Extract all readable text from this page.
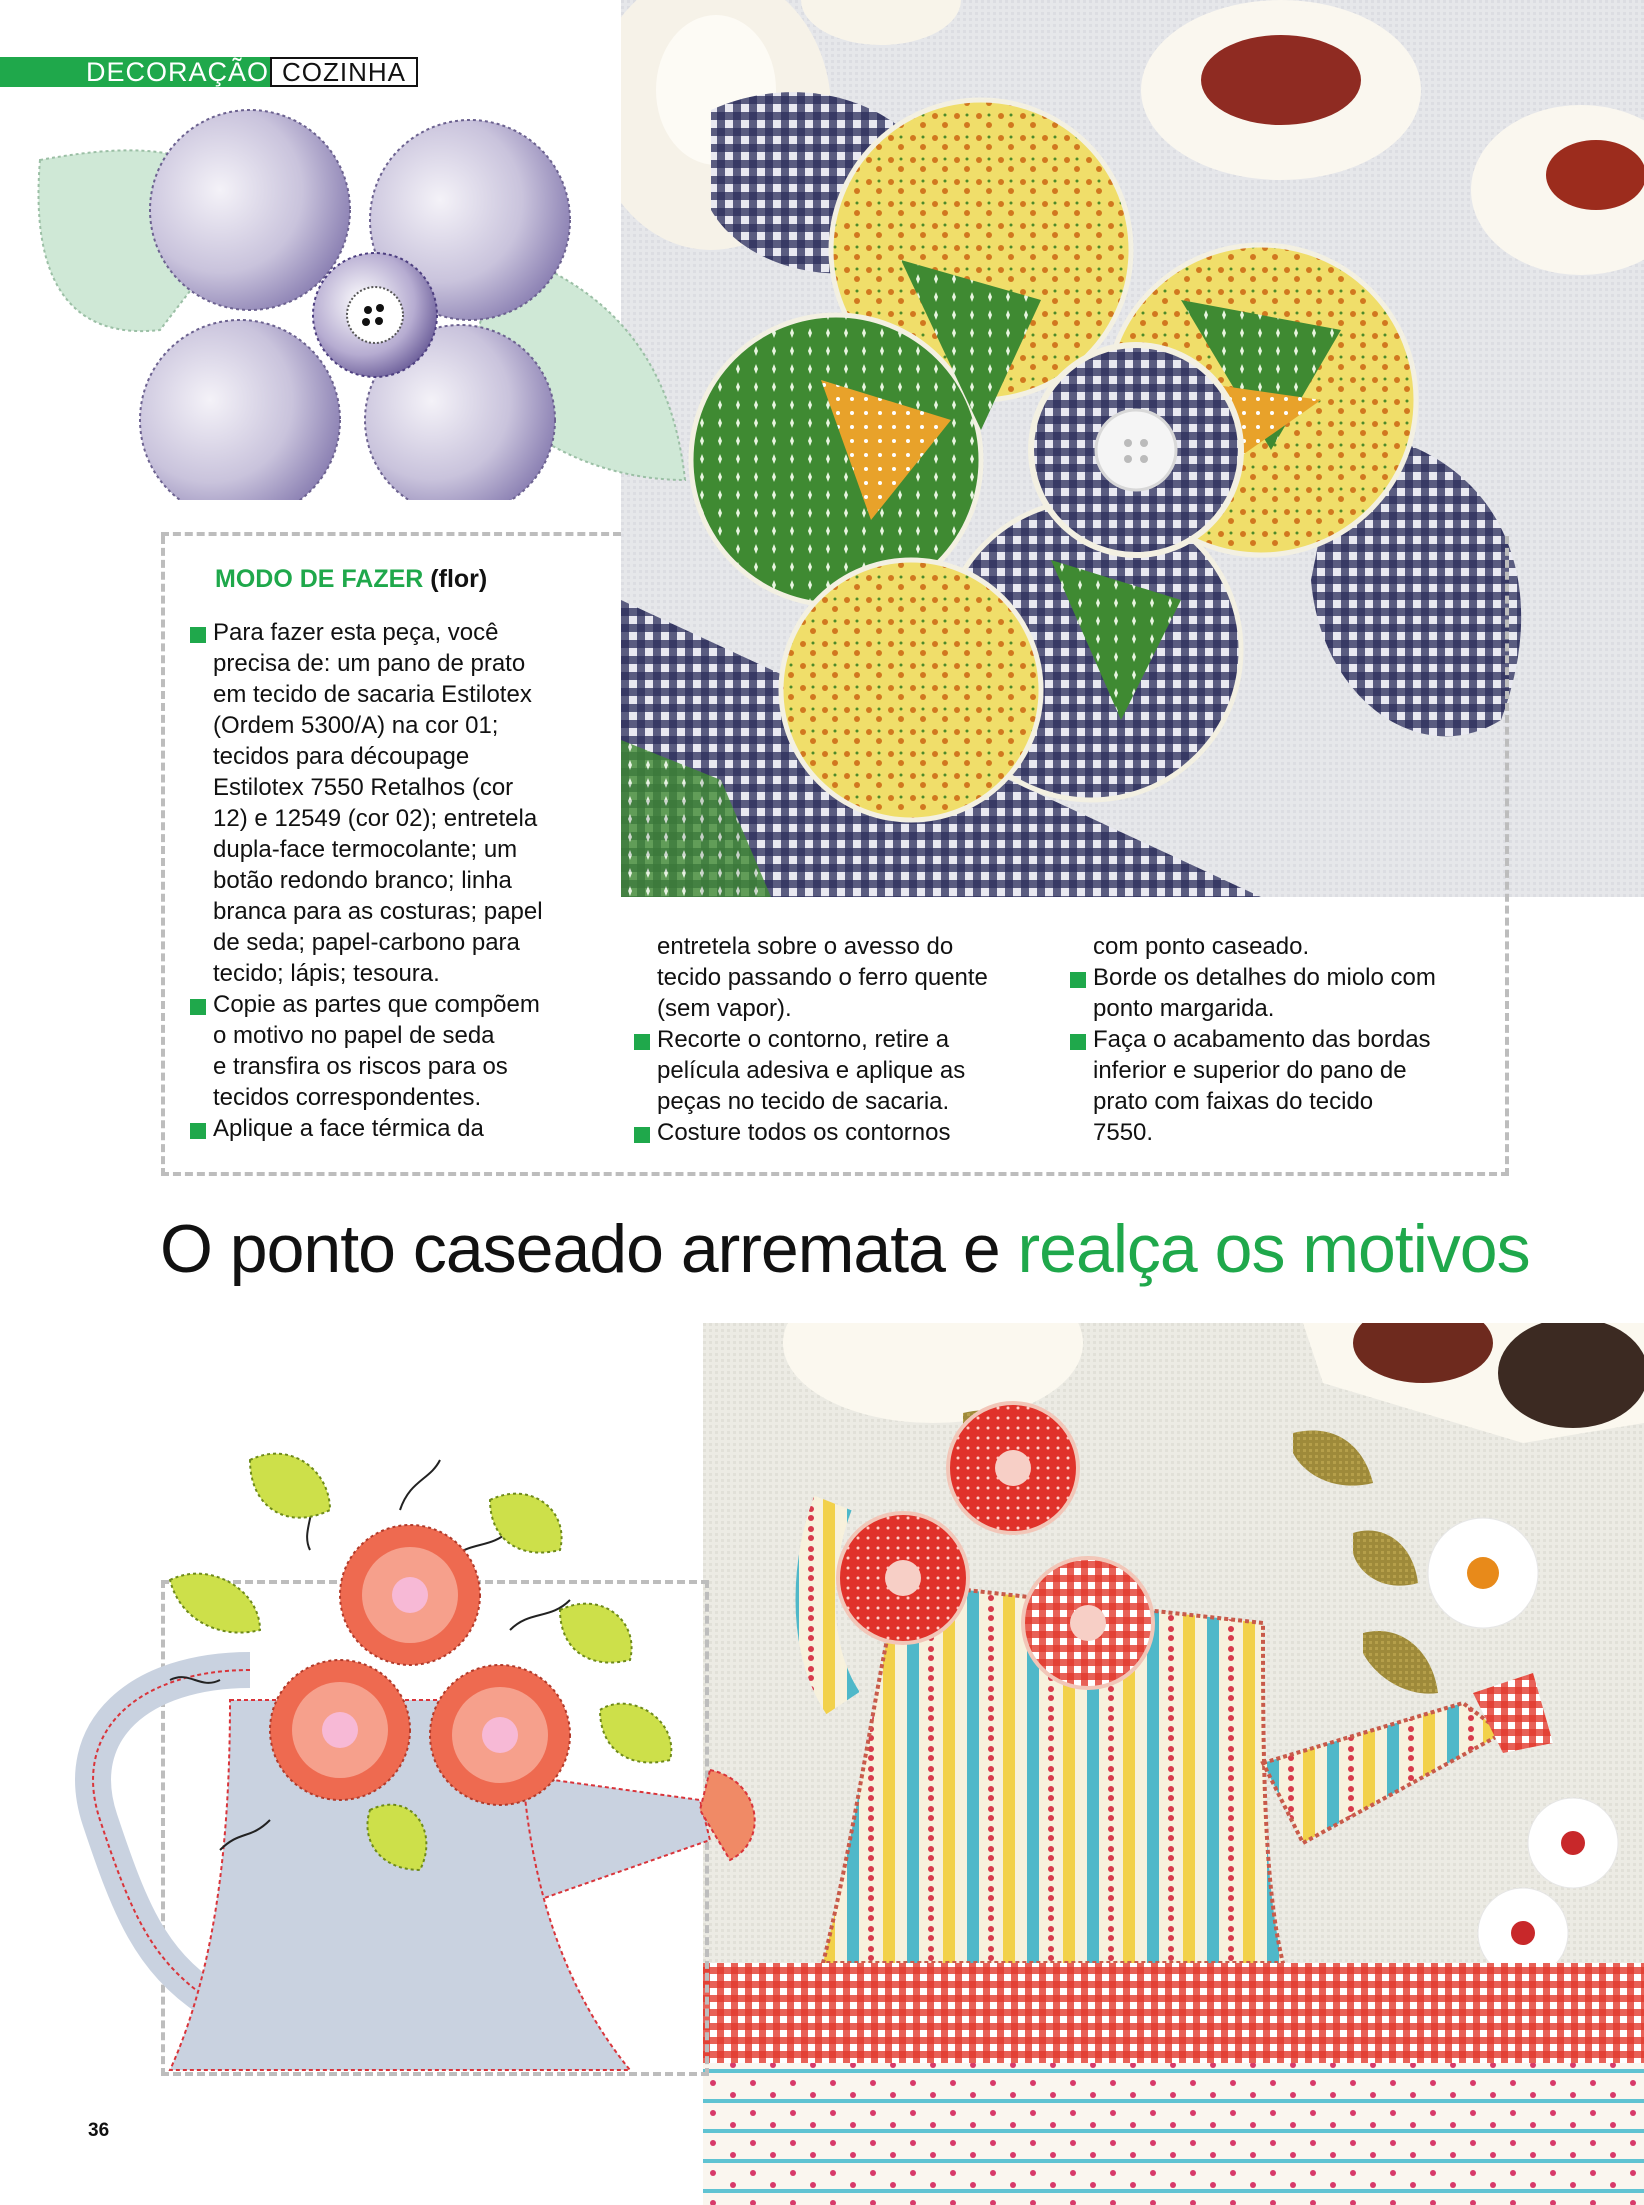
DECORAÇÃO COZINHA
MODO DE FAZER (flor)

Para fazer esta peça, você
precisa de: um pano de prato
em tecido de sacaria Estilotex
(Ordem 5300/A) na cor 01;
tecidos para découpage
Estilotex 7550 Retalhos (cor
12) e 12549 (cor 02); entretela
dupla-face termocolante; um
botão redondo branco; linha
branca para as costuras; papel
de seda; papel-carbono para
tecido; lápis; tesoura.

Copie as partes que compõem
o motivo no papel de seda
e transfira os riscos para os
tecidos correspondentes.

Aplique a face térmica da

entretela sobre o avesso do
tecido passando o ferro quente
(sem vapor).

Recorte o contorno, retire a
película adesiva e aplique as
peças no tecido de sacaria.

Costure todos os contornos

com ponto caseado.

Borde os detalhes do miolo com
ponto margarida.

Faça o acabamento das bordas
inferior e superior do pano de
prato com faixas do tecido
7550.

O ponto caseado arremata e realça os motivos
36
